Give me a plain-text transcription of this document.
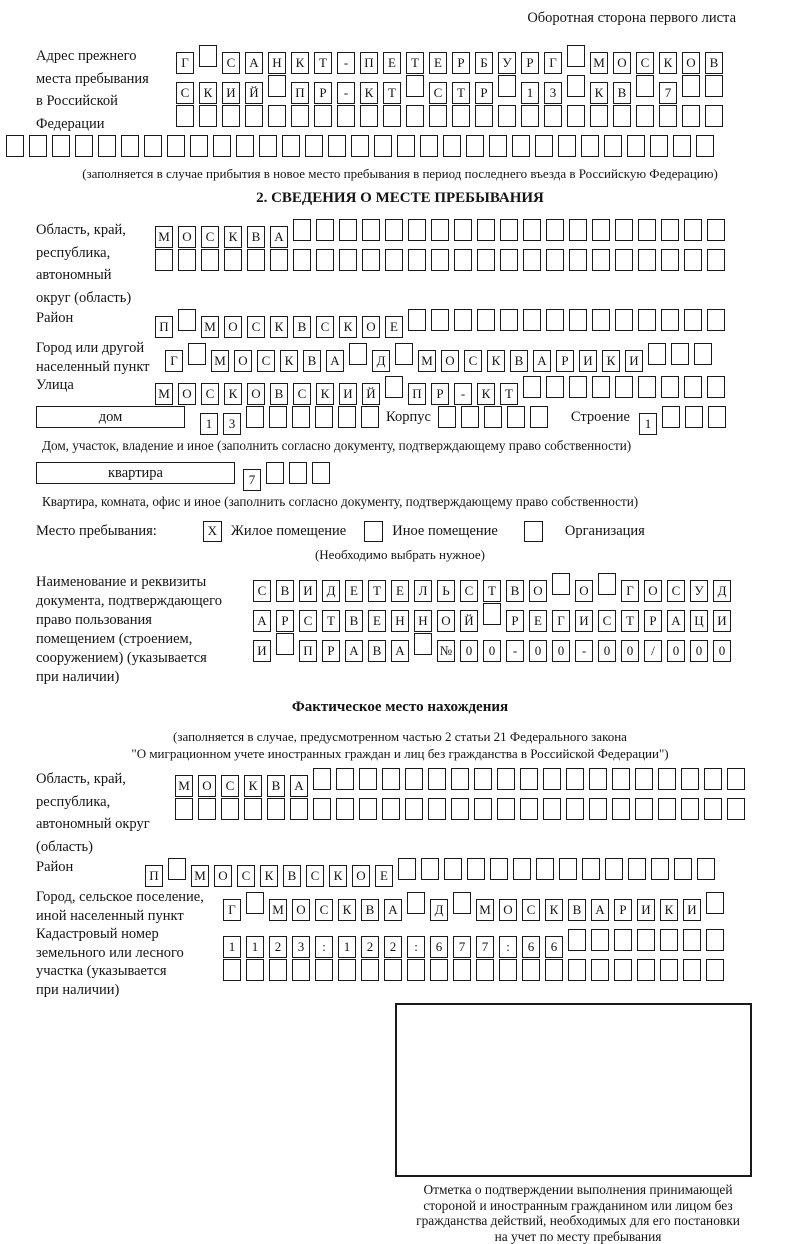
Оборотная сторона первого листа
Адрес прежнего
места пребывания
в Российской
Федерации
Г	С А Н К Т - П Е Т Е Р Б У Р Г	М О С К О В
С К И Й	П Р - К Т	С Т Р	1 3	К В	7
(заполняется в случае прибытия в новое место пребывания в период последнего въезда в Российскую Федерацию)
2. СВЕДЕНИЯ О МЕСТЕ ПРЕБЫВАНИЯ
Область, край,
республика,
автономный
округ (область)
М О С К В А
Район
П	М О С К В С К О Е
Город или другой
населенный пункт	Г	М О С К В А	Д	М О С К В А Р И К И
Улица
М О С К О В С К И Й	П Р - К Т
дом	1 3	Корпус	Строение	1
Дом, участок, владение и иное (заполнить согласно документу, подтверждающему право собственности)
квартира	7
Квартира, комната, офис и иное (заполнить согласно документу, подтверждающему право собственности)
Место пребывания:	X Жилое помещение	Иное помещение	Организация
(Необходимо выбрать нужное)
Наименование и реквизиты
документа, подтверждающего
право пользования
помещением (строением,
сооружением) (указывается
при наличии)
С В И Д Е Т Е Л Ь С Т В О	О	Г О С У Д
А Р С Т В Е Н Н О Й	Р Е Г И С Т Р А Ц И
И	П Р А В А	№ 0 0 - 0 0 - 0 0 / 0 0 0
Фактическое место нахождения
(заполняется в случае, предусмотренном частью 2 статьи 21 Федерального закона
"О миграционном учете иностранных граждан и лиц без гражданства в Российской Федерации")
Область, край,
республика,
автономный округ
(область)
М О С К В А
Район
П	М О С К В С К О Е
Город, сельское поселение,
иной населенный пункт	Г	М О С К В А	Д	М О С К В А Р И К И
Кадастровый номер
земельного или лесного
участка (указывается
при наличии)
1 1 2 3 : 1 2 2 : 6 7 7 : 6 6
Отметка о подтверждении выполнения принимающей
стороной и иностранным гражданином или лицом без
гражданства действий, необходимых для его постановки
на учет по месту пребывания
